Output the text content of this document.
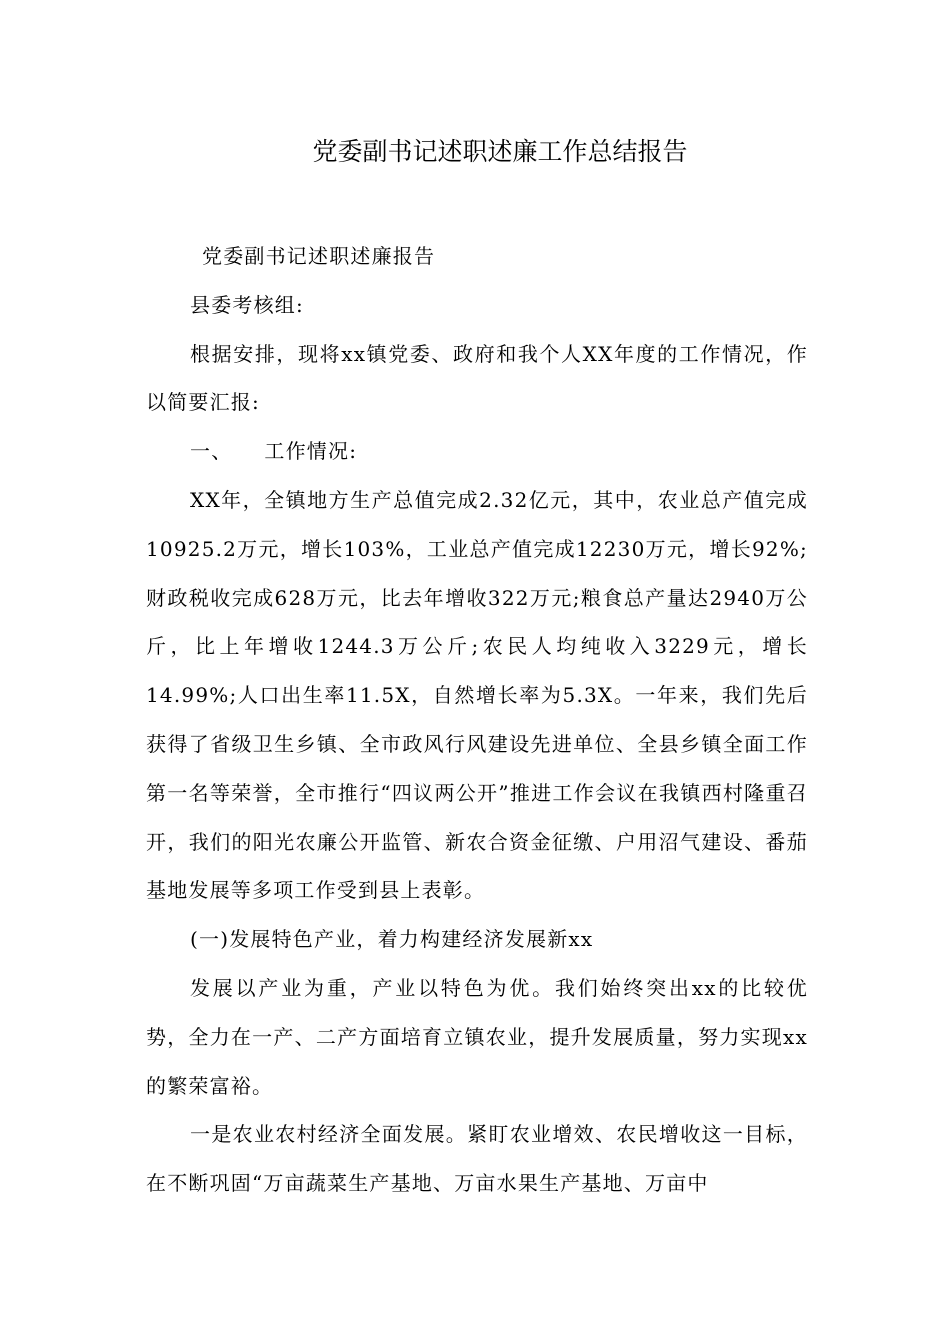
党委副书记述职述廉工作总结报告

党委副书记述职述廉报告

县委考核组:

根据安排，现将xx镇党委、政府和我个人XX年度的工作情况，作以简要汇报:

一、 工作情况:

XX年，全镇地方生产总值完成2.32亿元，其中，农业总产值完成10925.2万元，增长103%，工业总产值完成12230万元，增长92%;财政税收完成628万元，比去年增收322万元;粮食总产量达2940万公斤，比上年增收1244.3万公斤;农民人均纯收入3229元，增长14.99%;人口出生率11.5X，自然增长率为5.3X。一年来，我们先后获得了省级卫生乡镇、全市政风行风建设先进单位、全县乡镇全面工作第一名等荣誉，全市推行“四议两公开”推进工作会议在我镇西村隆重召开，我们的阳光农廉公开监管、新农合资金征缴、户用沼气建设、番茄基地发展等多项工作受到县上表彰。

(一)发展特色产业，着力构建经济发展新xx

发展以产业为重，产业以特色为优。我们始终突出xx的比较优势，全力在一产、二产方面培育立镇农业，提升发展质量，努力实现xx的繁荣富裕。

一是农业农村经济全面发展。紧盯农业增效、农民增收这一目标，在不断巩固“万亩蔬菜生产基地、万亩水果生产基地、万亩中
